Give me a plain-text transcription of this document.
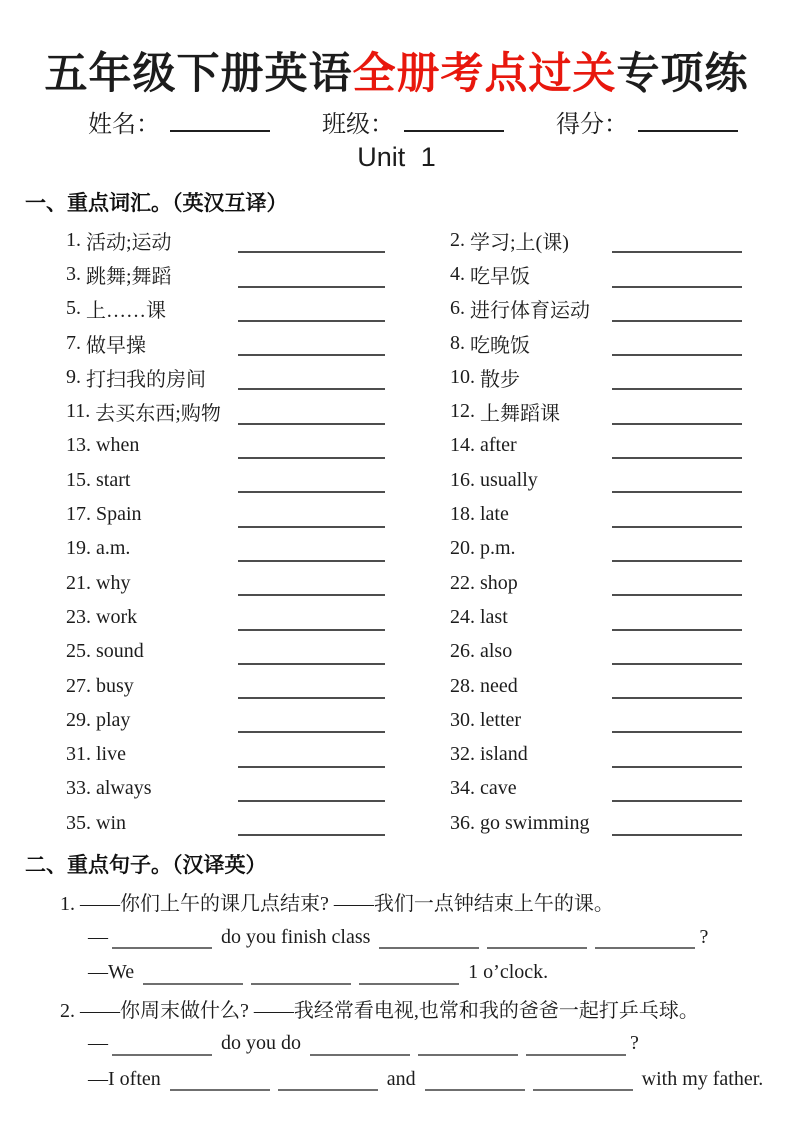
五年级下册英语全册考点过关专项练
姓名：	班级：	得分：
Unit 1
一、重点词汇。（英汉互译）
1. 活动;运动	2. 学习;上(课)
3. 跳舞;舞蹈	4. 吃早饭
5. 上……课	6. 进行体育运动
7. 做早操	8. 吃晚饭
9. 打扫我的房间	10. 散步
11. 去买东西;购物	12. 上舞蹈课
13. when	14. after
15. start	16. usually
17. Spain	18. late
19. a.m.	20. p.m.
21. why	22. shop
23. work	24. last
25. sound	26. also
27. busy	28. need
29. play	30. letter
31. live	32. island
33. always	34. cave
35. win	36. go swimming
二、重点句子。（汉译英）
1. ——你们上午的课几点结束? ——我们一点钟结束上午的课。
—	do you finish class	?
—We	1 o’clock.
2. ——你周末做什么? ——我经常看电视,也常和我的爸爸一起打乒乓球。
—	do you do	?
—I often	and	with my father.
